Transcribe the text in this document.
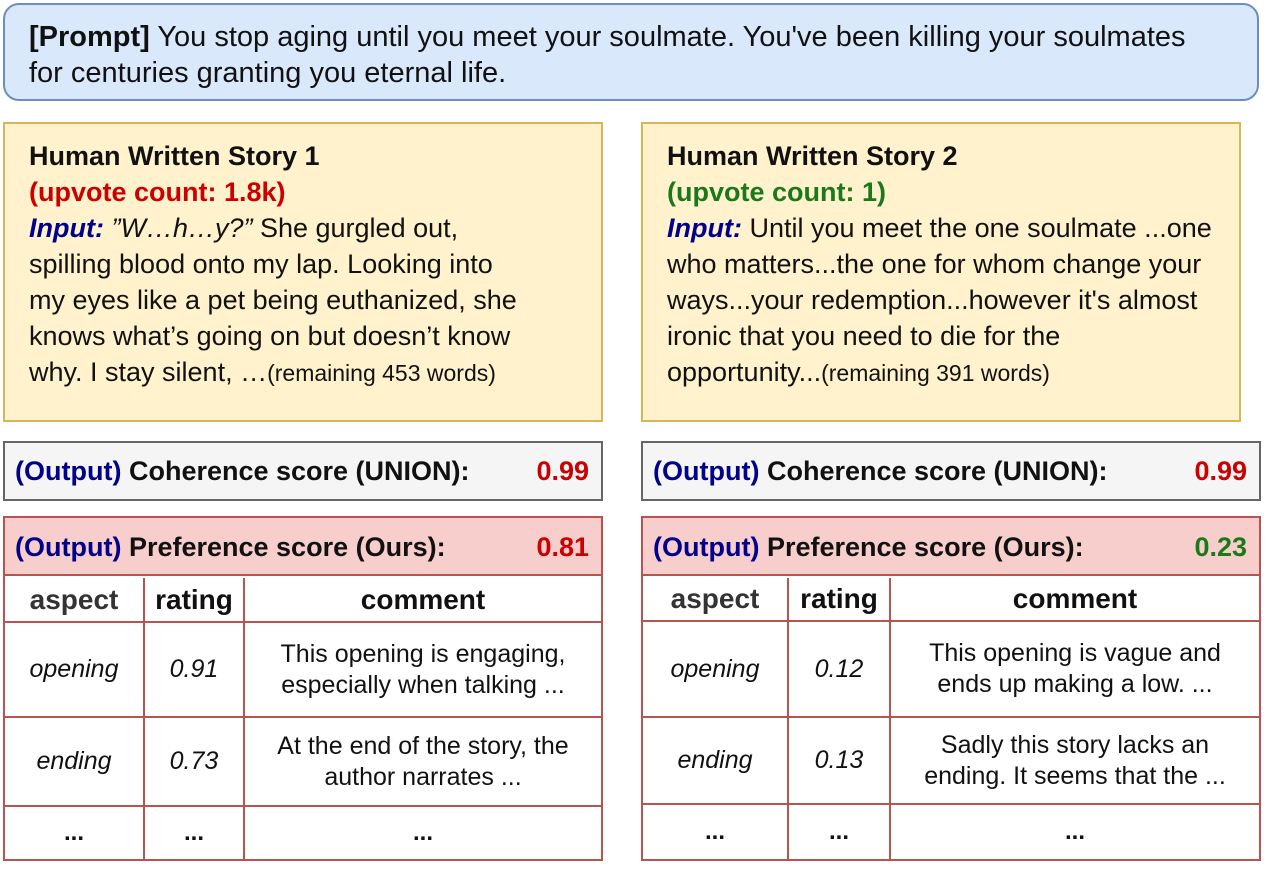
[Prompt] You stop aging until you meet your soulmate. You've been killing your soulmates
for centuries granting you eternal life.
Human Written Story 1
(upvote count: 1.8k)
Input: ”W…h…y?” She gurgled out,
spilling blood onto my lap. Looking into
my eyes like a pet being euthanized, she
knows what’s going on but doesn’t know
why. I stay silent, …(remaining 453 words)
Human Written Story 2
(upvote count: 1)
Input: Until you meet the one soulmate ...one
who matters...the one for whom change your
ways...your redemption...however it's almost
ironic that you need to die for the
opportunity...(remaining 391 words)
(Output) Coherence score (UNION): 0.99	(Output) Coherence score (UNION):	0.99
(Output) Preference score (Ours):	0.81
aspect	rating	comment
opening	0.91
This opening is engaging,
especially when talking ...
ending	0.73
At the end of the story, the
author narrates ...
...	...	...
(Output) Preference score (Ours):	0.23
aspect	rating	comment
opening	0.12
This opening is vague and
ends up making a low. ...
ending	0.13
Sadly this story lacks an
ending. It seems that the ...
...	...	...
